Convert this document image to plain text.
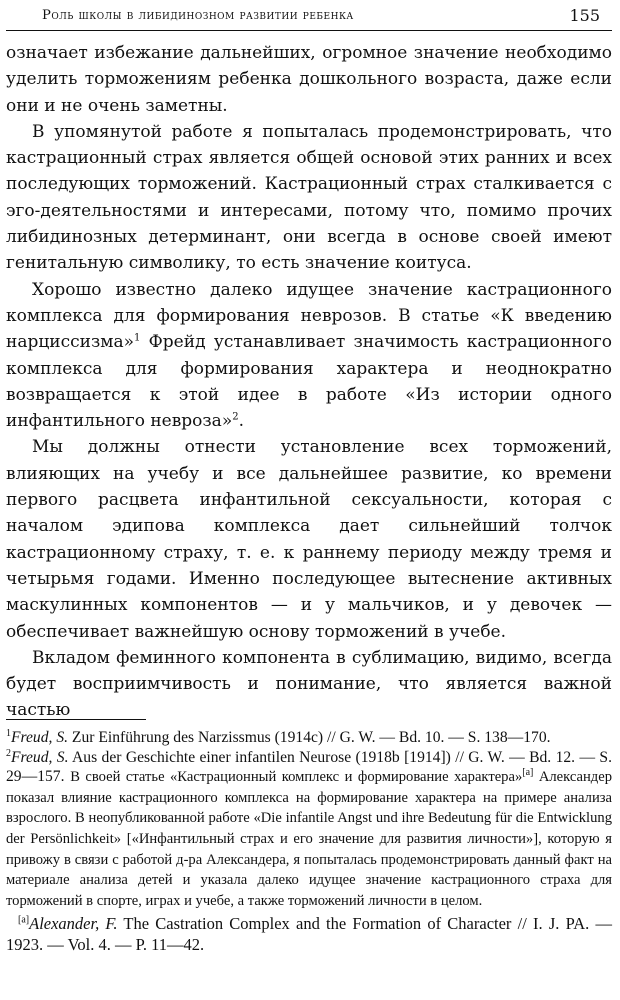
Роль школы в либидинозном развитии ребенка	155

означает избежание дальнейших, огромное значение необходимо уделить торможениям ребенка дошкольного возраста, даже если они и не очень заметны.

В упомянутой работе я попыталась продемонстрировать, что кастрационный страх является общей основой этих ранних и всех последующих торможений. Кастрационный страх сталкивается с эго-деятельностями и интересами, потому что, помимо прочих либидинозных детерминант, они всегда в основе своей имеют генитальную символику, то есть значение коитуса.

Хорошо известно далеко идущее значение кастрационного комплекса для формирования неврозов. В статье «К введению нарциссизма»$^1$ Фрейд устанавливает значимость кастрационного комплекса для формирования характера и неоднократно возвращается к этой идее в работе «Из истории одного инфантильного невроза»$^2$.

Мы должны отнести установление всех торможений, влияющих на учебу и все дальнейшее развитие, ко времени первого расцвета инфантильной сексуальности, которая с началом эдипова комплекса дает сильнейший толчок кастрационному страху, т. е. к раннему периоду между тремя и четырьмя годами. Именно последующее вытеснение активных маскулинных компонентов — и у мальчиков, и у девочек — обеспечивает важнейшую основу торможений в учебе.

Вкладом феминного компонента в сублимацию, видимо, всегда будет восприимчивость и понимание, что является важной частью

$^1$Freud, S. Zur Einführung des Narzissmus (1914c) // G. W. — Bd. 10. — S. 138—170.

$^2$Freud, S. Aus der Geschichte einer infantilen Neurose (1918b [1914]) // G. W. — Bd. 12. — S. 29—157. В своей статье «Кастрационный комплекс и формирование характера»[a] Александер показал влияние кастрационного комплекса на формирование характера на примере анализа взрослого. В неопубликованной работе «Die infantile Angst und ihre Bedeutung für die Entwicklung der Persönlichkeit» [«Инфантильный страх и его значение для развития личности»], которую я привожу в связи с работой д-ра Александера, я попыталась продемонстрировать данный факт на материале анализа детей и указала далеко идущее значение кастрационного страха для торможений в спорте, играх и учебе, а также торможений личности в целом.

[a]Alexander, F. The Castration Complex and the Formation of Character // I. J. PA. — 1923. — Vol. 4. — P. 11—42.
